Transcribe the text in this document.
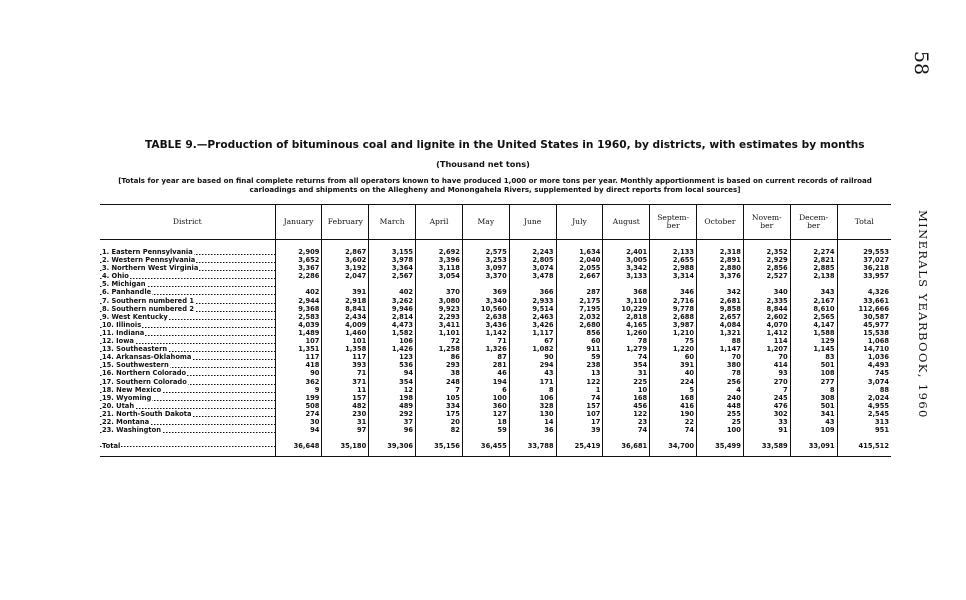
58
MINERALS YEARBOOK, 1960
TABLE 9.—Production of bituminous coal and lignite in the United States in 1960, by districts, with estimates by months
(Thousand net tons)
[Totals for year are based on final complete returns from all operators known to have produced 1,000 or more tons per year. Monthly apportionment is based on current records of railroad carloadings and shipments on the Allegheny and Monongahela Rivers, supplemented by direct reports from local sources]
District	January	February	March	April	May	June	July	August	Septem-
ber	October	Novem-
ber	Decem-
ber	Total

1. Eastern Pennsylvania	2,909	2,867	3,155	2,692	2,575	2,243	1,634	2,401	2,133	2,318	2,352	2,274	29,553
2. Western Pennsylvania	3,652	3,602	3,978	3,396	3,253	2,805	2,040	3,005	2,655	2,891	2,929	2,821	37,027
3. Northern West Virginia	3,367	3,192	3,364	3,118	3,097	3,074	2,055	3,342	2,988	2,880	2,856	2,885	36,218
4. Ohio	2,286	2,047	2,567	3,054	3,370	3,478	2,667	3,133	3,314	3,376	2,527	2,138	33,957
5. Michigan													
6. Panhandle	402	391	402	370	369	366	287	368	346	342	340	343	4,326
7. Southern numbered 1	2,944	2,918	3,262	3,080	3,340	2,933	2,175	3,110	2,716	2,681	2,335	2,167	33,661
8. Southern numbered 2	9,368	8,841	9,946	9,923	10,560	9,514	7,195	10,229	9,778	9,858	8,844	8,610	112,666
9. West Kentucky	2,583	2,434	2,814	2,293	2,638	2,463	2,032	2,818	2,688	2,657	2,602	2,565	30,587
10. Illinois	4,039	4,009	4,473	3,411	3,436	3,426	2,680	4,165	3,987	4,084	4,070	4,147	45,977
11. Indiana	1,489	1,460	1,582	1,101	1,142	1,117	856	1,260	1,210	1,321	1,412	1,588	15,538
12. Iowa	107	101	106	72	71	67	60	78	75	88	114	129	1,068
13. Southeastern	1,351	1,358	1,426	1,258	1,326	1,082	911	1,279	1,220	1,147	1,207	1,145	14,710
14. Arkansas-Oklahoma	117	117	123	86	87	90	59	74	60	70	70	83	1,036
15. Southwestern	418	393	536	293	281	294	238	354	391	380	414	501	4,493
16. Northern Colorado	90	71	94	38	46	43	13	31	40	78	93	108	745
17. Southern Colorado	362	371	354	248	194	171	122	225	224	256	270	277	3,074
18. New Mexico	9	11	12	7	6	8	1	10	5	4	7	8	88
19. Wyoming	199	157	198	105	100	106	74	168	168	240	245	308	2,024
20. Utah	508	482	489	334	360	328	157	456	416	448	476	501	4,955
21. North-South Dakota	274	230	292	175	127	130	107	122	190	255	302	341	2,545
22. Montana	30	31	37	20	18	14	17	23	22	25	33	43	313
23. Washington	94	97	96	82	59	36	39	74	74	100	91	109	951

Total	36,648	35,180	39,306	35,156	36,455	33,788	25,419	36,681	34,700	35,499	33,589	33,091	415,512
